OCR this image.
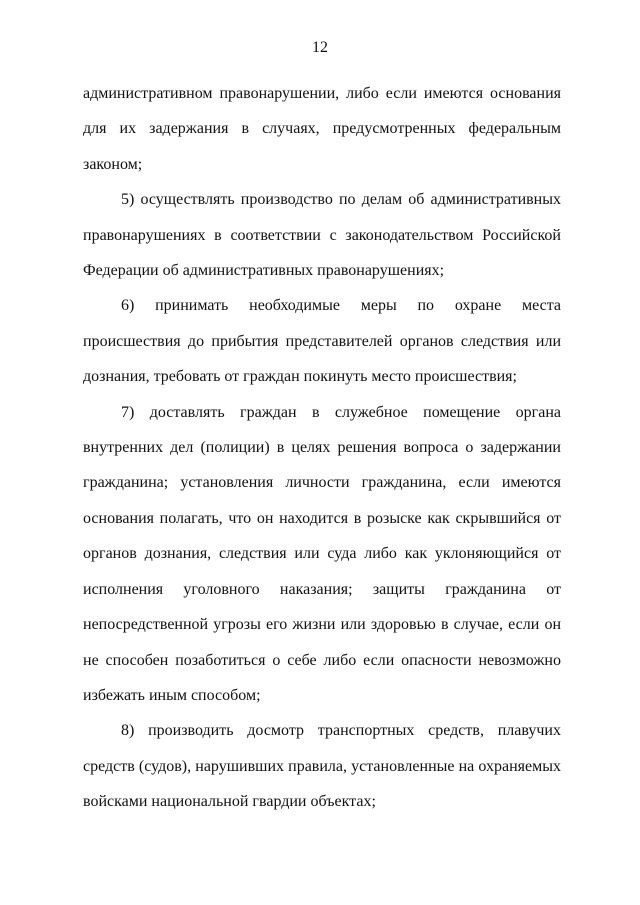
12

административном правонарушении, либо если имеются основания для их задержания в случаях, предусмотренных федеральным законом;

5) осуществлять производство по делам об административных правонарушениях в соответствии с законодательством Российской Федерации об административных правонарушениях;

6) принимать необходимые меры по охране места происшествия до прибытия представителей органов следствия или дознания, требовать от граждан покинуть место происшествия;

7) доставлять граждан в служебное помещение органа внутренних дел (полиции) в целях решения вопроса о задержании гражданина; установления личности гражданина, если имеются основания полагать, что он находится в розыске как скрывшийся от органов дознания, следствия или суда либо как уклоняющийся от исполнения уголовного наказания; защиты гражданина от непосредственной угрозы его жизни или здоровью в случае, если он не способен позаботиться о себе либо если опасности невозможно избежать иным способом;

8) производить досмотр транспортных средств, плавучих средств (судов), нарушивших правила, установленные на охраняемых войсками национальной гвардии объектах;
